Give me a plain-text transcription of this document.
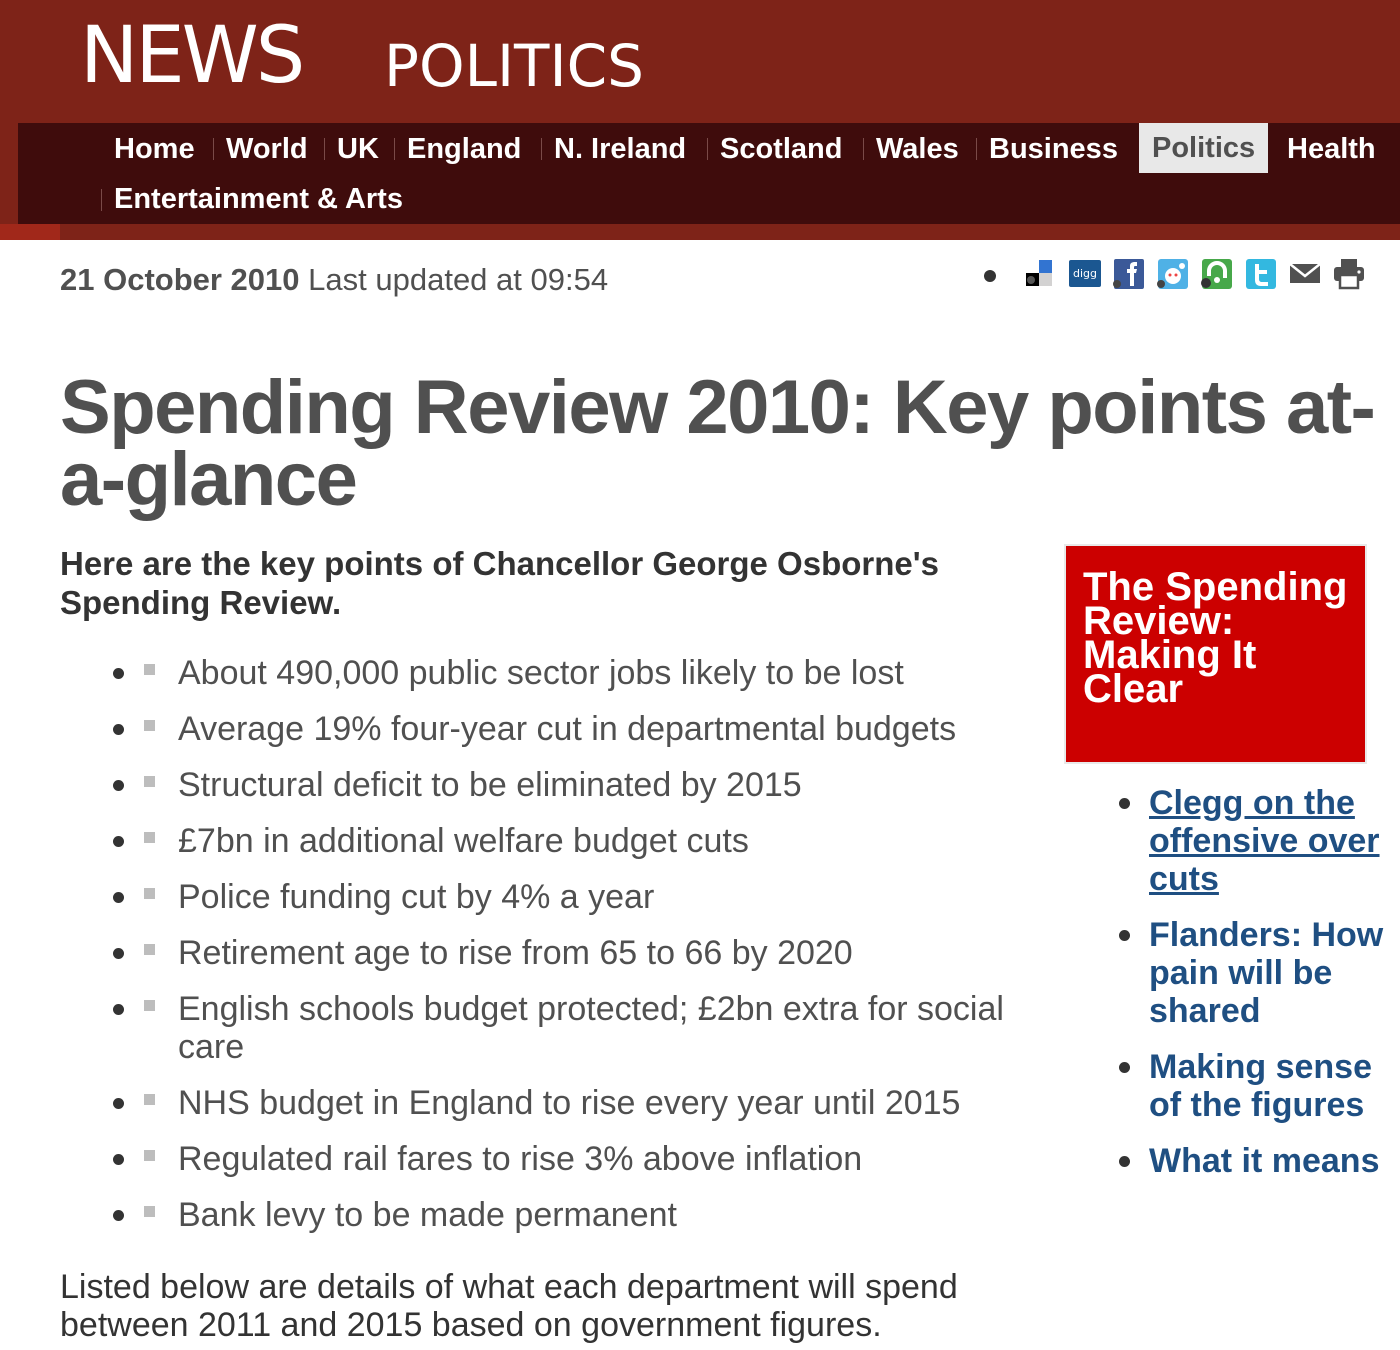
NEWS POLITICS
Home	World	UK England	N. Ireland	Scotland	Wales	Business	Politics	Health
Entertainment & Arts
21 October 2010 Last updated at 09:54	digg
Spending Review 2010: Key points at-a-glance

Here are the key points of Chancellor George Osborne's Spending Review.

About 490,000 public sector jobs likely to be lost
Average 19% four-year cut in departmental budgets
Structural deficit to be eliminated by 2015
£7bn in additional welfare budget cuts
Police funding cut by 4% a year
Retirement age to rise from 65 to 66 by 2020
English schools budget protected; £2bn extra for social care
NHS budget in England to rise every year until 2015
Regulated rail fares to rise 3% above inflation
Bank levy to be made permanent

Listed below are details of what each department will spend between 2011 and 2015 based on government figures.

The Spending Review: Making It Clear
Clegg on the offensive over cuts
Flanders: How pain will be shared
Making sense of the figures
What it means
